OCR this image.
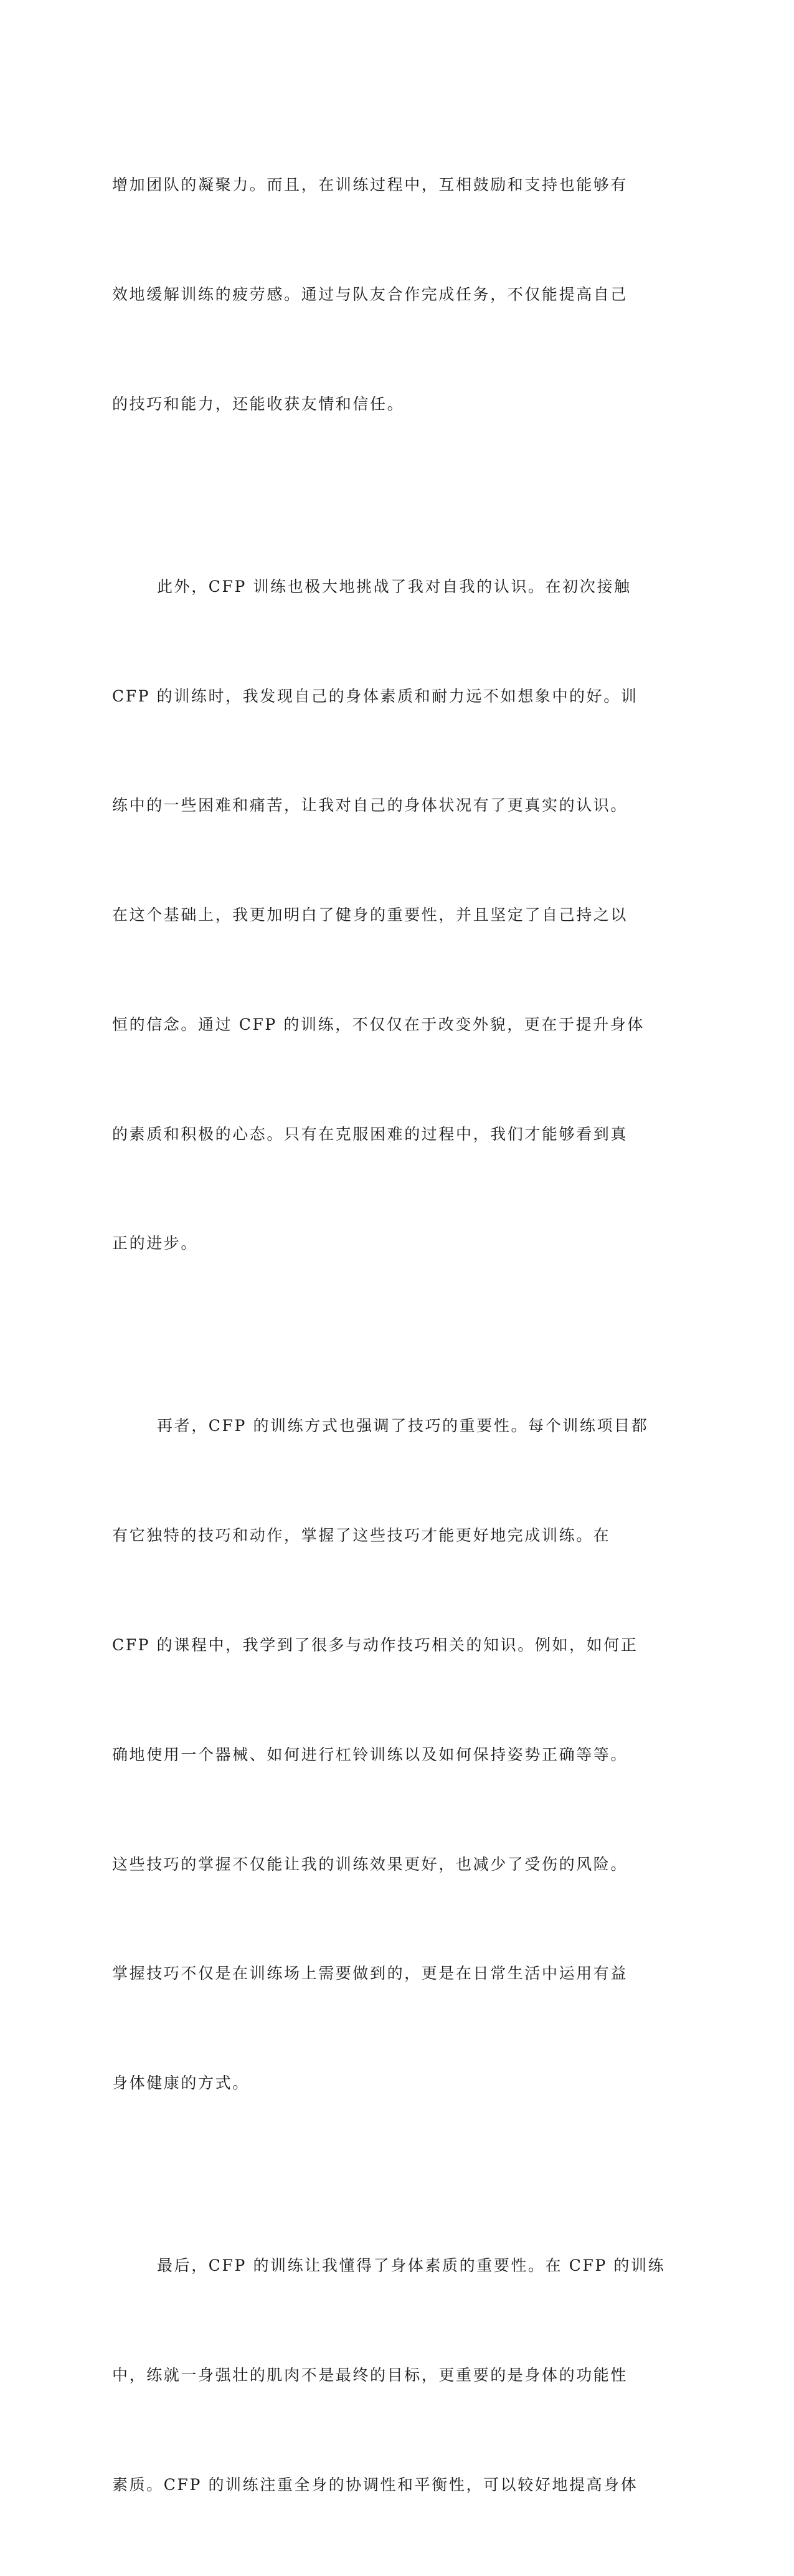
增加团队的凝聚力。而且，在训练过程中，互相鼓励和支持也能够有

效地缓解训练的疲劳感。通过与队友合作完成任务，不仅能提高自己

的技巧和能力，还能收获友情和信任。

此外，CFP 训练也极大地挑战了我对自我的认识。在初次接触

CFP 的训练时，我发现自己的身体素质和耐力远不如想象中的好。训

练中的一些困难和痛苦，让我对自己的身体状况有了更真实的认识。

在这个基础上，我更加明白了健身的重要性，并且坚定了自己持之以

恒的信念。通过 CFP 的训练，不仅仅在于改变外貌，更在于提升身体

的素质和积极的心态。只有在克服困难的过程中，我们才能够看到真

正的进步。

再者，CFP 的训练方式也强调了技巧的重要性。每个训练项目都

有它独特的技巧和动作，掌握了这些技巧才能更好地完成训练。在

CFP 的课程中，我学到了很多与动作技巧相关的知识。例如，如何正

确地使用一个器械、如何进行杠铃训练以及如何保持姿势正确等等。

这些技巧的掌握不仅能让我的训练效果更好，也减少了受伤的风险。

掌握技巧不仅是在训练场上需要做到的，更是在日常生活中运用有益

身体健康的方式。

最后，CFP 的训练让我懂得了身体素质的重要性。在 CFP 的训练

中，练就一身强壮的肌肉不是最终的目标，更重要的是身体的功能性

素质。CFP 的训练注重全身的协调性和平衡性，可以较好地提高身体
